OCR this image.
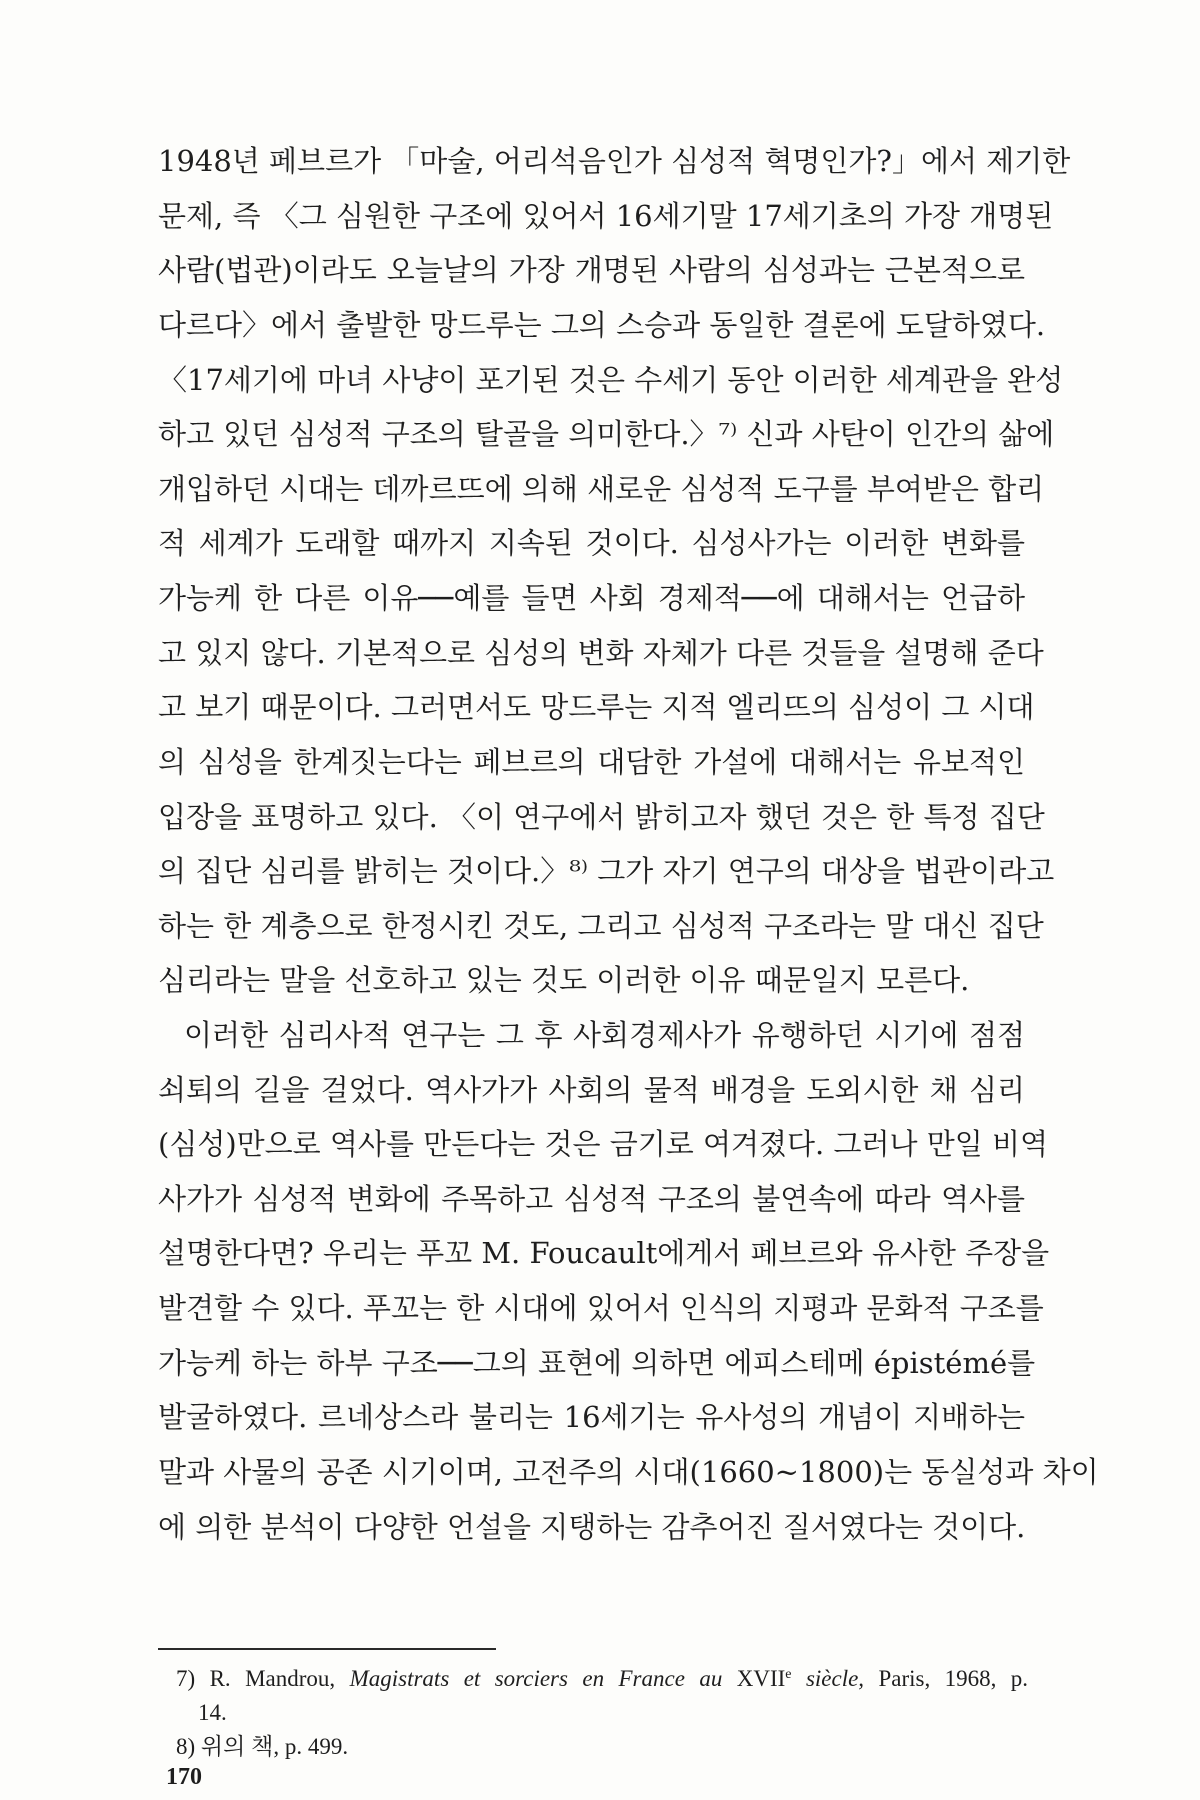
1948년 페브르가 「마술, 어리석음인가 심성적 혁명인가?」에서 제기한
문제, 즉 〈그 심원한 구조에 있어서 16세기말 17세기초의 가장 개명된
사람(법관)이라도 오늘날의 가장 개명된 사람의 심성과는 근본적으로
다르다〉에서 출발한 망드루는 그의 스승과 동일한 결론에 도달하였다.
〈17세기에 마녀 사냥이 포기된 것은 수세기 동안 이러한 세계관을 완성
하고 있던 심성적 구조의 탈골을 의미한다.〉⁷⁾ 신과 사탄이 인간의 삶에
개입하던 시대는 데까르뜨에 의해 새로운 심성적 도구를 부여받은 합리
적 세계가 도래할 때까지 지속된 것이다. 심성사가는 이러한 변화를
가능케 한 다른 이유──예를 들면 사회 경제적──에 대해서는 언급하
고 있지 않다. 기본적으로 심성의 변화 자체가 다른 것들을 설명해 준다
고 보기 때문이다. 그러면서도 망드루는 지적 엘리뜨의 심성이 그 시대
의 심성을 한계짓는다는 페브르의 대담한 가설에 대해서는 유보적인
입장을 표명하고 있다. 〈이 연구에서 밝히고자 했던 것은 한 특정 집단
의 집단 심리를 밝히는 것이다.〉⁸⁾ 그가 자기 연구의 대상을 법관이라고
하는 한 계층으로 한정시킨 것도, 그리고 심성적 구조라는 말 대신 집단
심리라는 말을 선호하고 있는 것도 이러한 이유 때문일지 모른다.
이러한 심리사적 연구는 그 후 사회경제사가 유행하던 시기에 점점
쇠퇴의 길을 걸었다. 역사가가 사회의 물적 배경을 도외시한 채 심리
(심성)만으로 역사를 만든다는 것은 금기로 여겨졌다. 그러나 만일 비역
사가가 심성적 변화에 주목하고 심성적 구조의 불연속에 따라 역사를
설명한다면? 우리는 푸꼬 M. Foucault에게서 페브르와 유사한 주장을
발견할 수 있다. 푸꼬는 한 시대에 있어서 인식의 지평과 문화적 구조를
가능케 하는 하부 구조──그의 표현에 의하면 에피스테메 épistémé를
발굴하였다. 르네상스라 불리는 16세기는 유사성의 개념이 지배하는
말과 사물의 공존 시기이며, 고전주의 시대(1660~1800)는 동실성과 차이
에 의한 분석이 다양한 언설을 지탱하는 감추어진 질서였다는 것이다.
7) R. Mandrou, Magistrats et sorciers en France au XVIIe siècle, Paris, 1968, p.
14.
8) 위의 책, p. 499.
170
